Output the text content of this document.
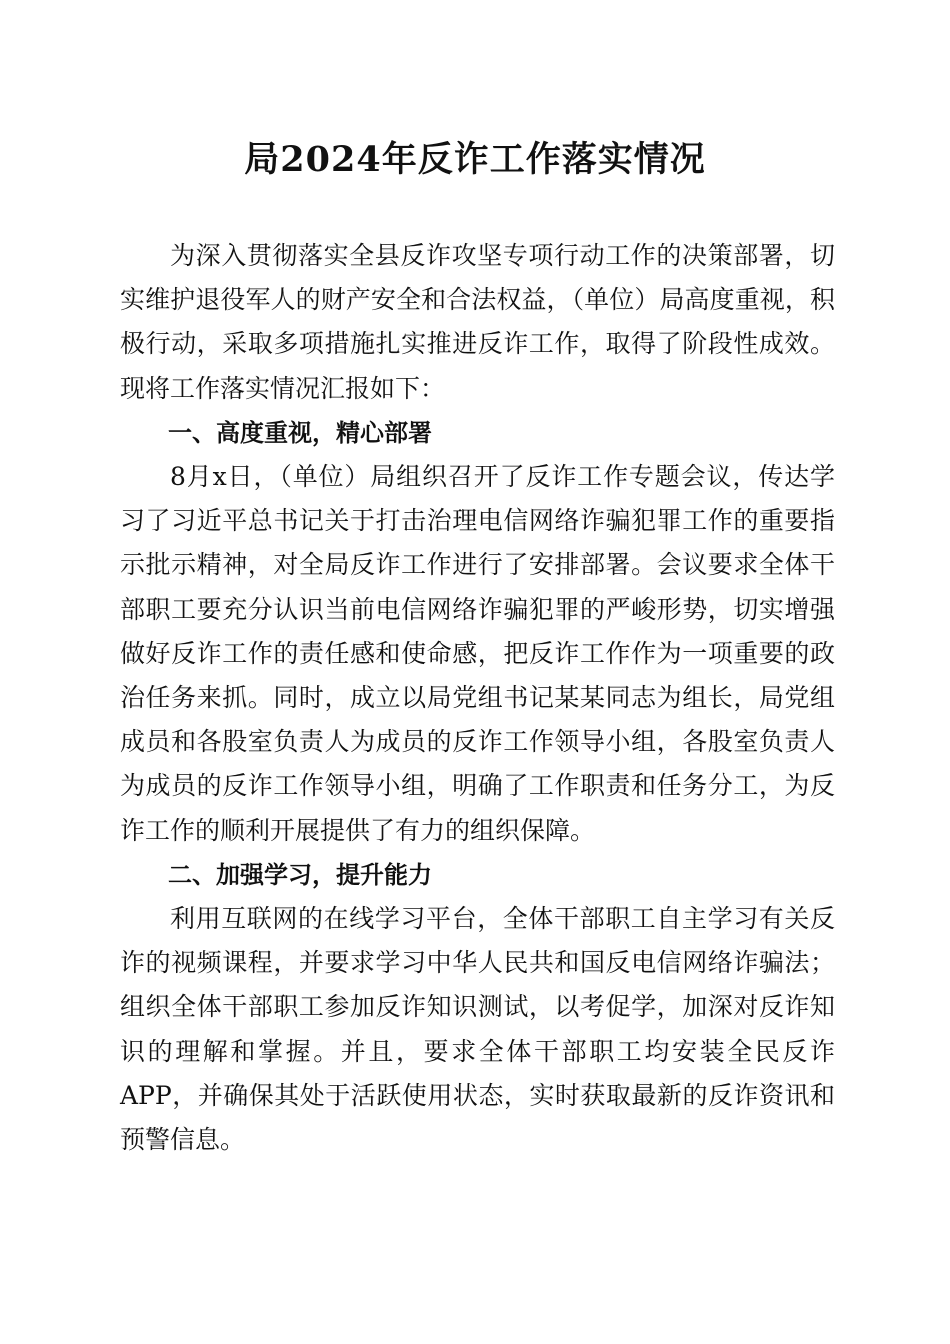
局2024年反诈工作落实情况

为深入贯彻落实全县反诈攻坚专项行动工作的决策部署，切实维护退役军人的财产安全和合法权益，（单位）局高度重视，积极行动，采取多项措施扎实推进反诈工作，取得了阶段性成效。现将工作落实情况汇报如下：

一、高度重视，精心部署

8月x日，（单位）局组织召开了反诈工作专题会议，传达学习了习近平总书记关于打击治理电信网络诈骗犯罪工作的重要指示批示精神，对全局反诈工作进行了安排部署。会议要求全体干部职工要充分认识当前电信网络诈骗犯罪的严峻形势，切实增强做好反诈工作的责任感和使命感，把反诈工作作为一项重要的政治任务来抓。同时，成立以局党组书记某某同志为组长，局党组成员和各股室负责人为成员的反诈工作领导小组，各股室负责人为成员的反诈工作领导小组，明确了工作职责和任务分工，为反诈工作的顺利开展提供了有力的组织保障。

二、加强学习，提升能力

利用互联网的在线学习平台，全体干部职工自主学习有关反诈的视频课程，并要求学习中华人民共和国反电信网络诈骗法；组织全体干部职工参加反诈知识测试，以考促学，加深对反诈知识的理解和掌握。并且，要求全体干部职工均安装全民反诈APP，并确保其处于活跃使用状态，实时获取最新的反诈资讯和预警信息。
